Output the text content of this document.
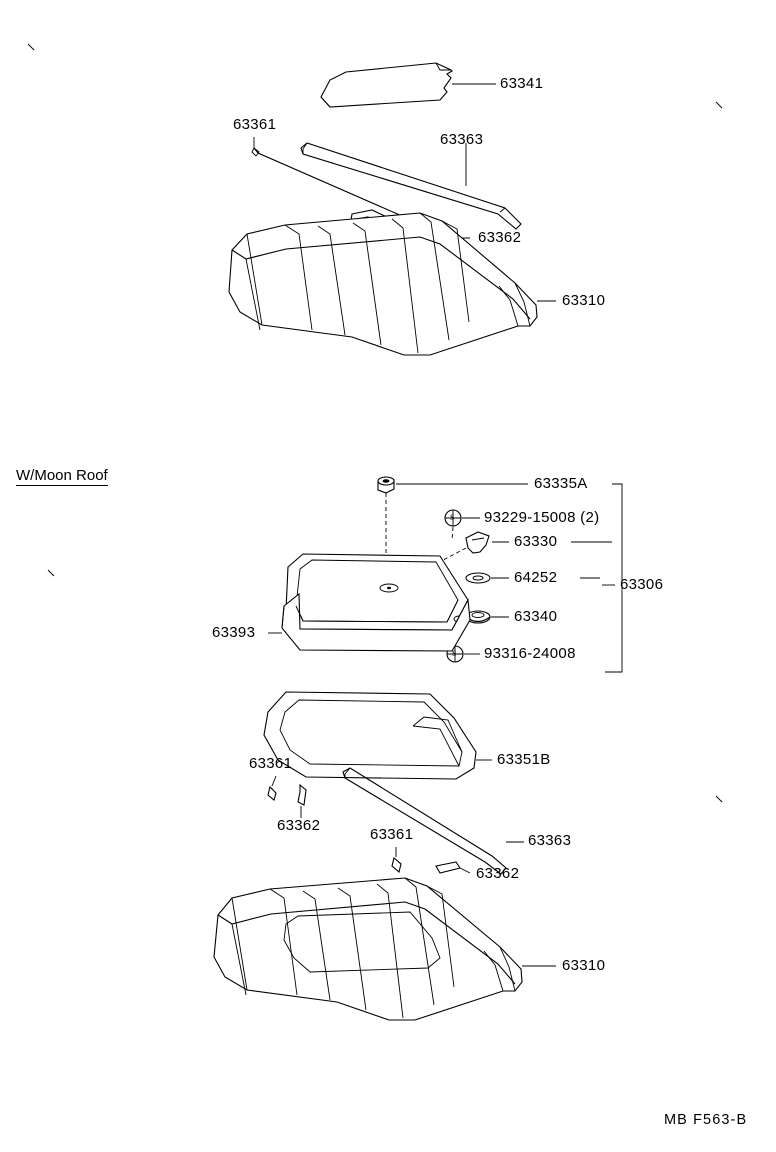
S
S
63341
63361
63363
63362
63310
W/Moon Roof	63335A
93229-15008 (2)
63330
64252
63340
93316-24008
63306
63393
63351B
63361
63362
63361	63363
63362
63310
MB F563-B
